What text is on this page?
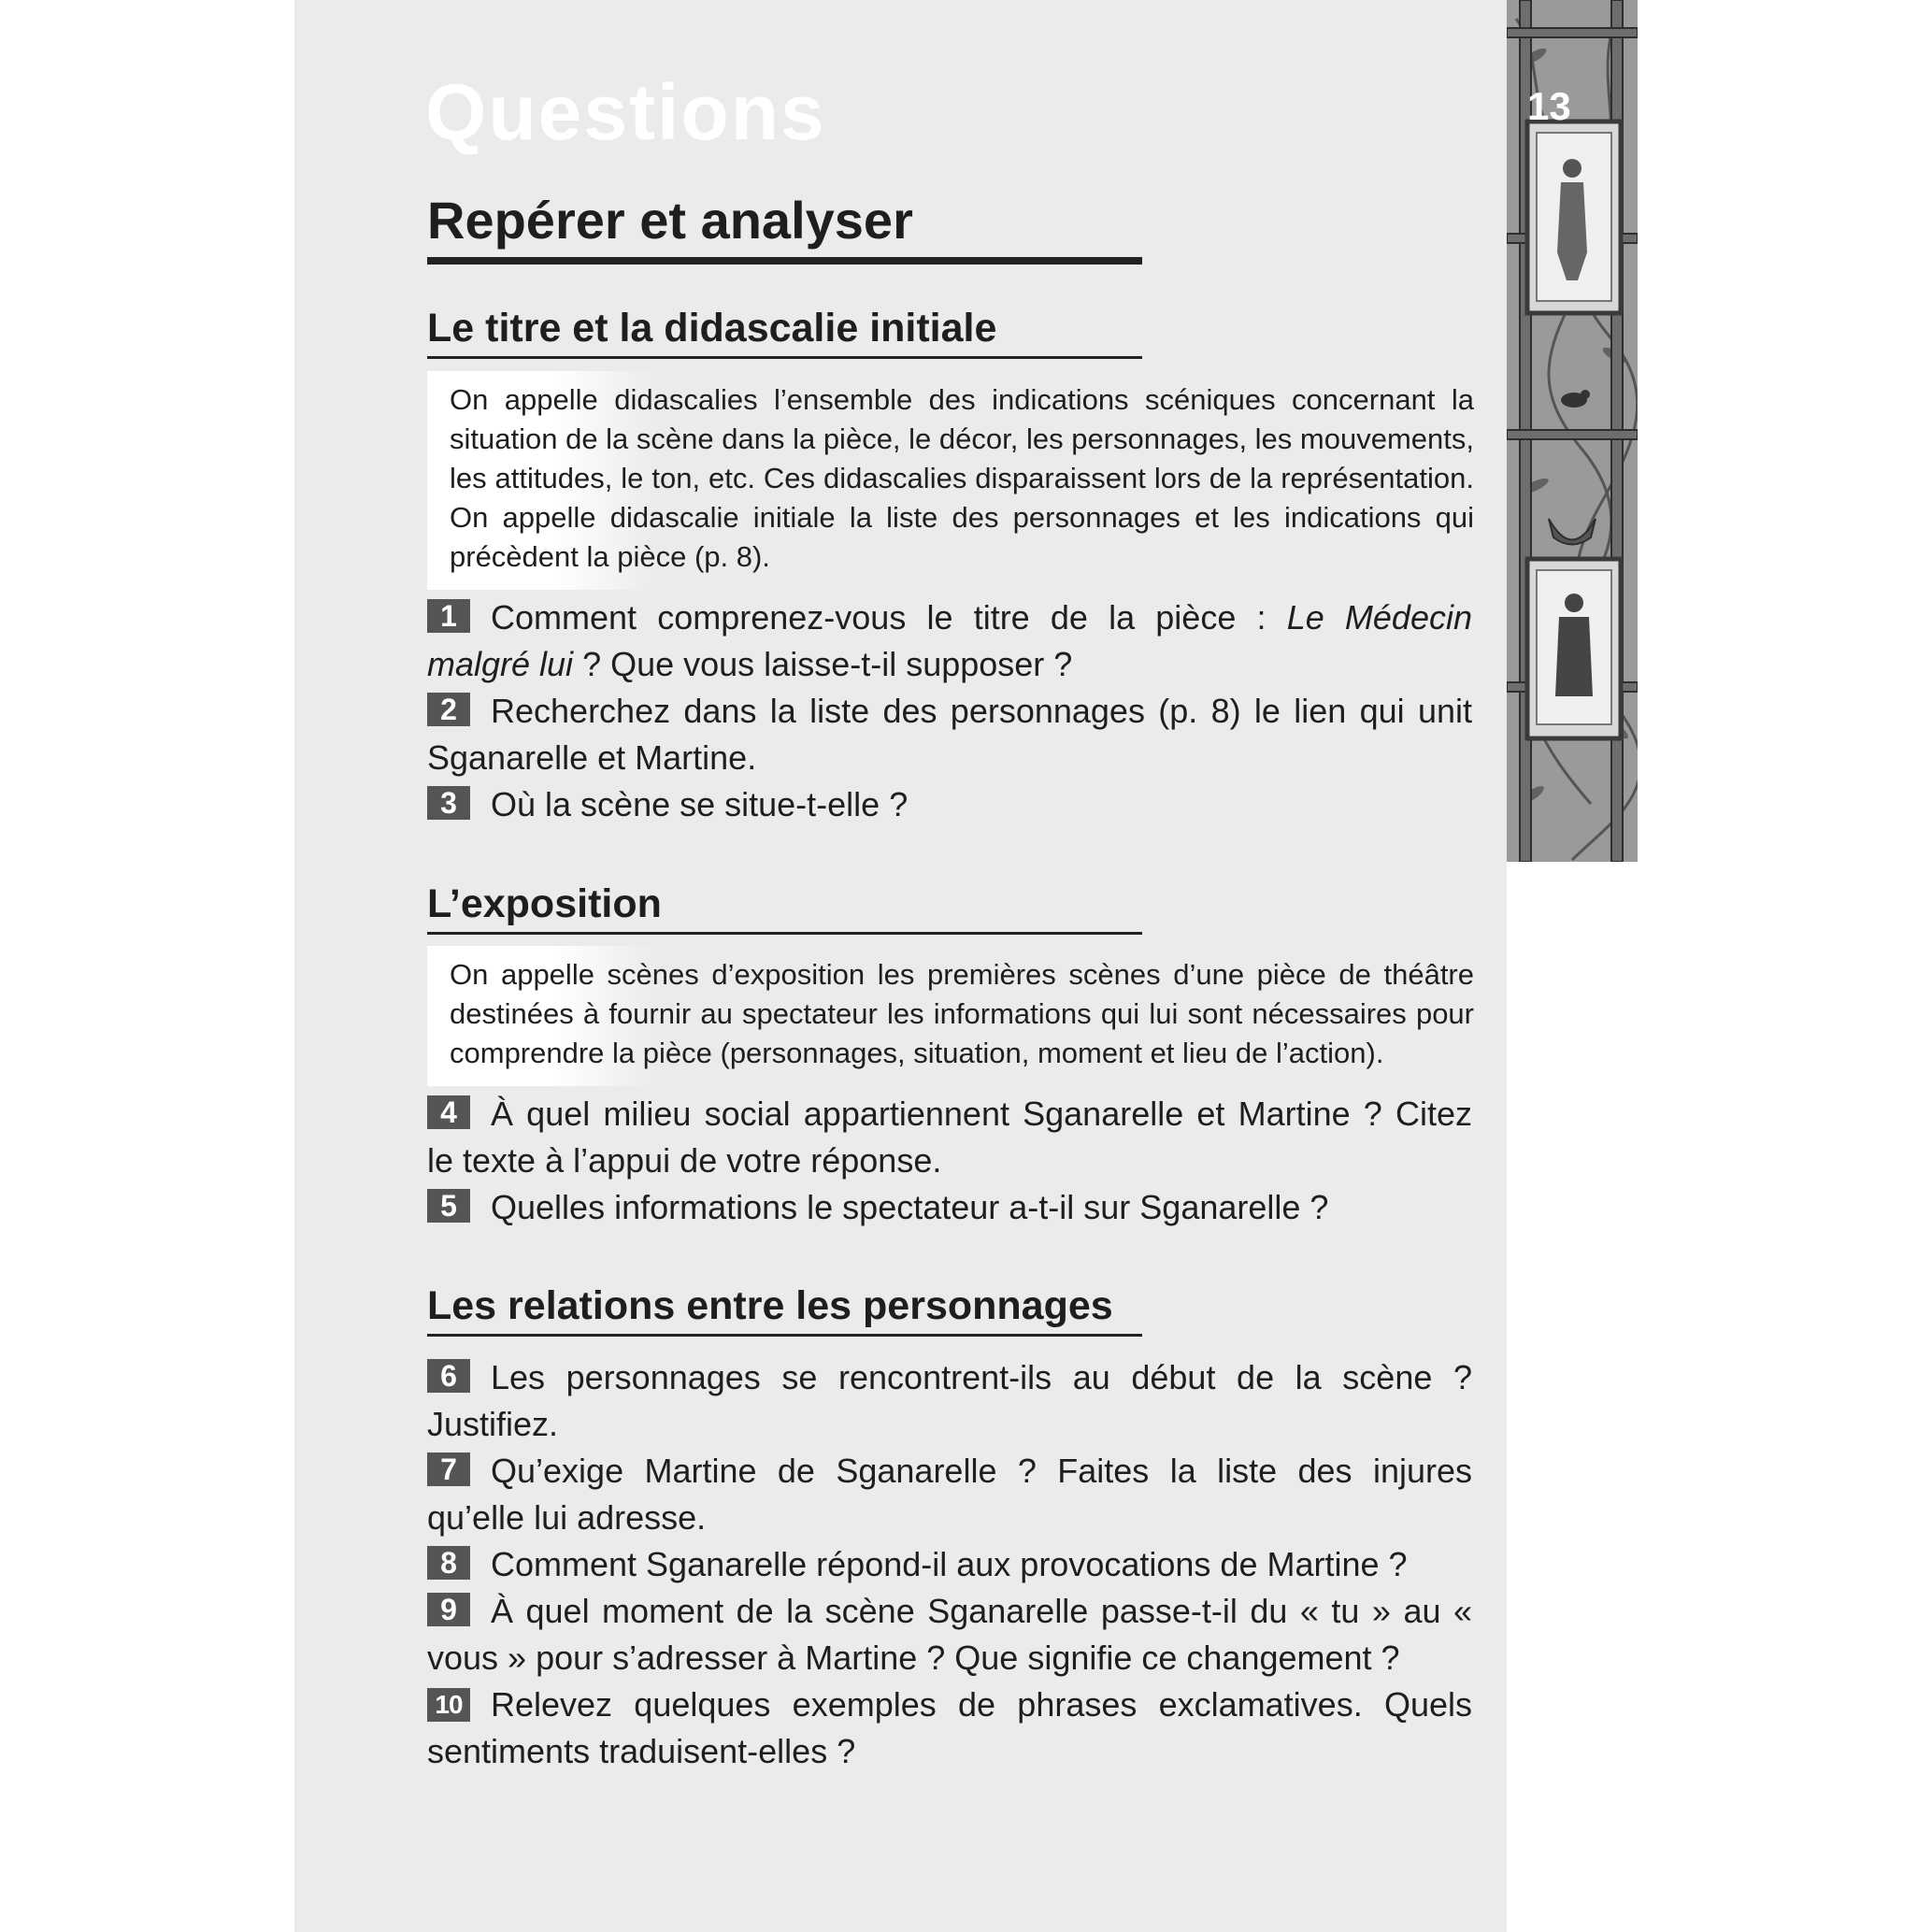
13

Questions
Repérer et analyser
Le titre et la didascalie initiale

On appelle didascalies l’ensemble des indications scéniques concernant la situation de la scène dans la pièce, le décor, les personnages, les mouvements, les attitudes, le ton, etc. Ces didascalies disparaissent lors de la représentation. On appelle didascalie initiale la liste des personnages et les indications qui précèdent la pièce (p. 8).

1 Comment comprenez-vous le titre de la pièce : Le Médecin malgré lui ? Que vous laisse-t-il supposer ?

2 Recherchez dans la liste des personnages (p. 8) le lien qui unit Sganarelle et Martine.

3 Où la scène se situe-t-elle ?

L’exposition

On appelle scènes d’exposition les premières scènes d’une pièce de théâtre destinées à fournir au spectateur les informations qui lui sont nécessaires pour comprendre la pièce (personnages, situation, moment et lieu de l’action).

4 À quel milieu social appartiennent Sganarelle et Martine ? Citez le texte à l’appui de votre réponse.

5 Quelles informations le spectateur a-t-il sur Sganarelle ?

Les relations entre les personnages

6 Les personnages se rencontrent-ils au début de la scène ? Justifiez.

7 Qu’exige Martine de Sganarelle ? Faites la liste des injures qu’elle lui adresse.

8 Comment Sganarelle répond-il aux provocations de Martine ?

9 À quel moment de la scène Sganarelle passe-t-il du « tu » au « vous » pour s’adresser à Martine ? Que signifie ce changement ?

10 Relevez quelques exemples de phrases exclamatives. Quels sentiments traduisent-elles ?
